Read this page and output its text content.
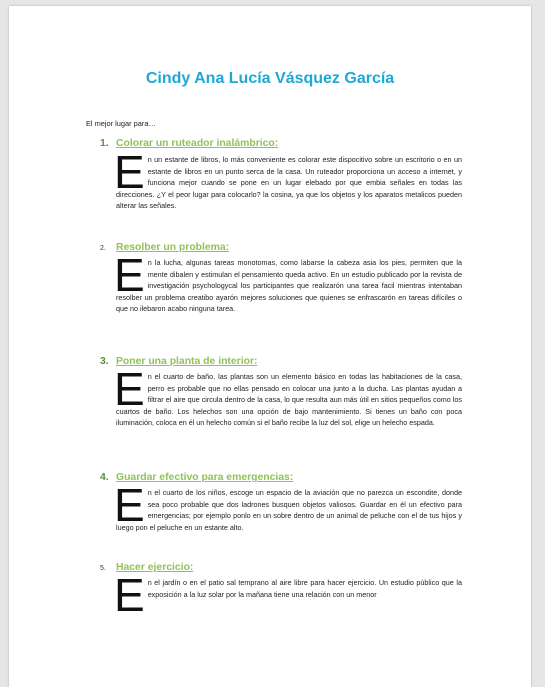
Cindy Ana Lucía Vásquez García
El mejor lugar para…
1. Colorar un ruteador inalámbrico:
En un estante de libros, lo más conveniente es colorar este dispocitivo sobre un escritorio o en un estante de libros en un punto serca de la casa. Un ruteador proporciona un acceso a internet, y funciona mejor cuando se pone en un lugar elebado por que embia señales en todas las direcciones. ¿Y el peor lugar para colocarlo? la cosina, ya que los objetos y los aparatos metalicos pueden alterar las señales.
2. Resolber un problema:
En la lucha, algunas tareas monotomas, como labarse la cabeza asia los pies, permiten que la mente dibalen y estimulan el pensamiento queda activo. En un estudio publicado por la revista de investigación psychologycal los participantes que realizarón una tarea facil mientras intentaban resolber un problema creatibo ayarón mejores soluciones que quienes se enfrascarón en tareas difíciles o que no ilebaron acabo ninguna tarea.
3. Poner una planta de interior:
En el cuarto de baño, las plantas son un elemento básico en todas las habitaciones de la casa, perro es probable que no ellas pensado en colocar una junto a la ducha. Las plantas ayudan a filtrar el aire que circula dentro de la casa, lo que resulta aun más útil en sitios pequeños como los cuartos de baño. Los helechos son una opción de bajo mantenimiento. Si tienes un baño con poca iluminación, coloca en él un helecho común si el baño recibe la luz del sol, elige un helecho espada.
4. Guardar efectivo para emergencias:
En el cuarto de los niños, escoge un espacio de la aviación que no parezca un escondite, donde sea poco probable que dos ladrones busquen objetos valiosos. Guardar en él un efectivo para emergencias; por ejemplo ponlo en un sobre dentro de un animal de peluche con el de tus hijos y luego pon el peluche en un estante alto.
5. Hacer ejercicio:
En el jardín o en el patio sal temprano al aire libre para hacer ejercicio. Un estudio público que la exposición a la luz solar por la mañana tiene una relación con un menor
